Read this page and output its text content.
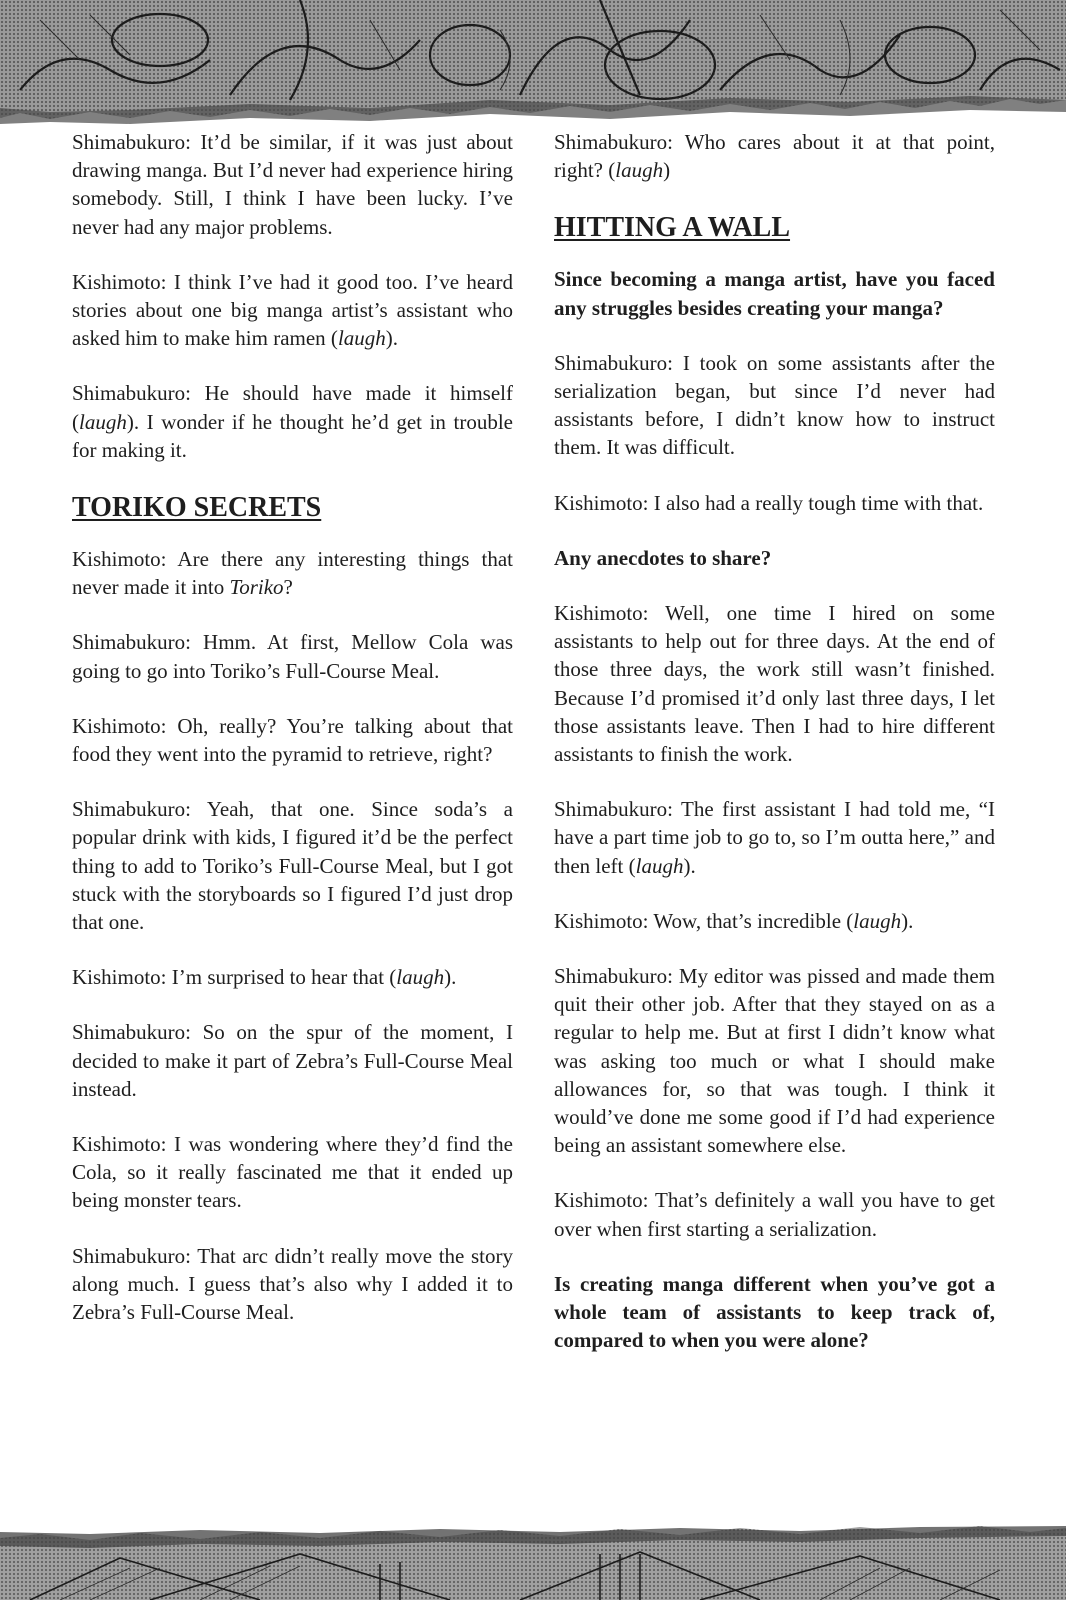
Shimabukuro: It’d be similar, if it was just about drawing manga. But I’d never had experience hiring somebody. Still, I think I have been lucky. I’ve never had any major problems.

Kishimoto: I think I’ve had it good too. I’ve heard stories about one big manga artist’s assistant who asked him to make him ramen (laugh).

Shimabukuro: He should have made it himself (laugh). I wonder if he thought he’d get in trouble for making it.

TORIKO SECRETS

Kishimoto: Are there any interesting things that never made it into Toriko?

Shimabukuro: Hmm. At first, Mellow Cola was going to go into Toriko’s Full-Course Meal.

Kishimoto: Oh, really? You’re talking about that food they went into the pyramid to retrieve, right?

Shimabukuro: Yeah, that one. Since soda’s a popular drink with kids, I figured it’d be the perfect thing to add to Toriko’s Full-Course Meal, but I got stuck with the storyboards so I figured I’d just drop that one.

Kishimoto: I’m surprised to hear that (laugh).

Shimabukuro: So on the spur of the moment, I decided to make it part of Zebra’s Full-Course Meal instead.

Kishimoto: I was wondering where they’d find the Cola, so it really fascinated me that it ended up being monster tears.

Shimabukuro: That arc didn’t really move the story along much. I guess that’s also why I added it to Zebra’s Full-Course Meal.

Shimabukuro: Who cares about it at that point, right? (laugh)

HITTING A WALL

Since becoming a manga artist, have you faced any struggles besides creating your manga?

Shimabukuro: I took on some assistants after the serialization began, but since I’d never had assistants before, I didn’t know how to instruct them. It was difficult.

Kishimoto: I also had a really tough time with that.

Any anecdotes to share?

Kishimoto: Well, one time I hired on some assistants to help out for three days. At the end of those three days, the work still wasn’t finished. Because I’d promised it’d only last three days, I let those assistants leave. Then I had to hire different assistants to finish the work.

Shimabukuro: The first assistant I had told me, “I have a part time job to go to, so I’m outta here,” and then left (laugh).

Kishimoto: Wow, that’s incredible (laugh).

Shimabukuro: My editor was pissed and made them quit their other job. After that they stayed on as a regular to help me. But at first I didn’t know what was asking too much or what I should make allowances for, so that was tough. I think it would’ve done me some good if I’d had experience being an assistant somewhere else.

Kishimoto: That’s definitely a wall you have to get over when first starting a serialization.

Is creating manga different when you’ve got a whole team of assistants to keep track of, compared to when you were alone?
